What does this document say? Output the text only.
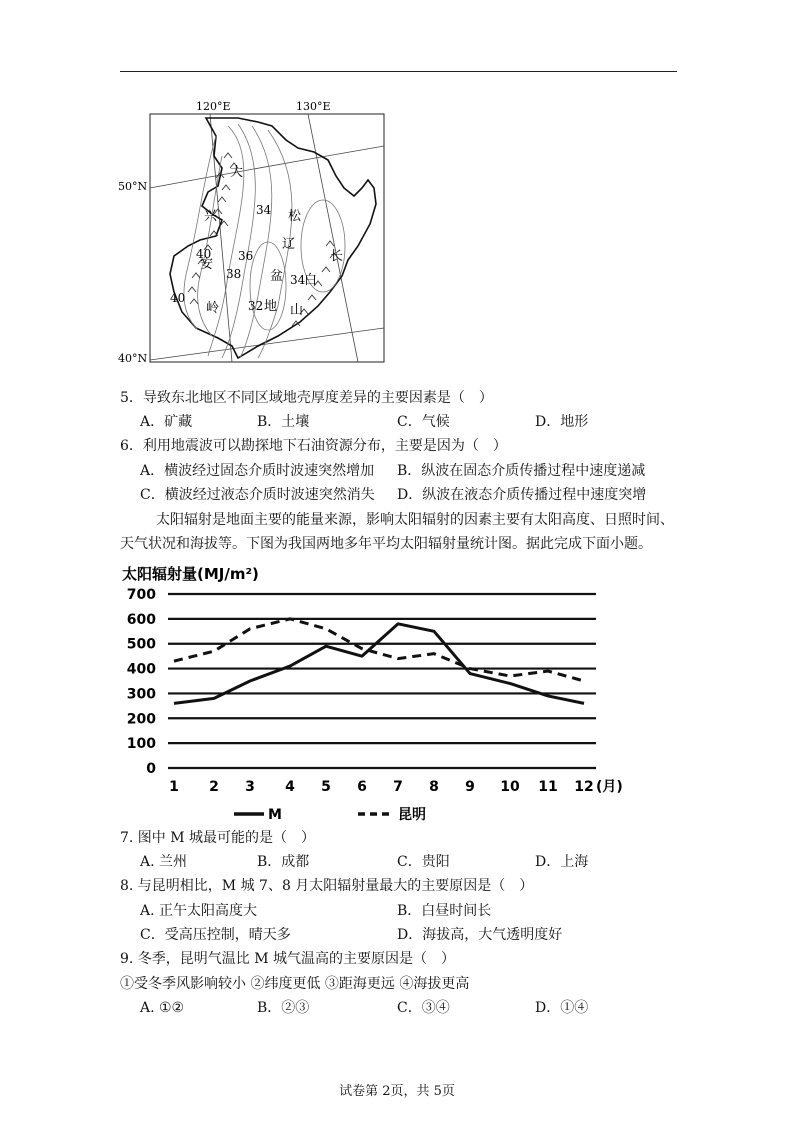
120°E	130°E
50°N
40°N
大
兴
安
岭
松
辽
盆
地
长
白
山
34
36
38
40
40
32
34
5．导致东北地区不同区域地壳厚度差异的主要因素是（　）
A．矿藏	B．土壤	C．气候	D．地形
6．利用地震波可以勘探地下石油资源分布，主要是因为（　）
A．横波经过固态介质时波速突然增加 B．纵波在固态介质传播过程中速度递减
C．横波经过液态介质时波速突然消失 D．纵波在液态介质传播过程中速度突增
太阳辐射是地面主要的能量来源，影响太阳辐射的因素主要有太阳高度、日照时间、
天气状况和海拔等。下图为我国两地多年平均太阳辐射量统计图。据此完成下面小题。
太阳辐射量(MJ/m²)
0
100
200
300
400
500
600
700
1 2 3 4 5 6 7 8 9 10 11 12 (月)
M	昆明
7. 图中 M 城最可能的是（　）
A. 兰州	B．成都	C．贵阳	D．上海
8. 与昆明相比，M 城 7、8 月太阳辐射量最大的主要原因是（　）
A. 正午太阳高度大	B．白昼时间长
C．受高压控制，晴天多	D．海拔高，大气透明度好
9. 冬季，昆明气温比 M 城气温高的主要原因是（　）
①受冬季风影响较小 ②纬度更低 ③距海更远 ④海拔更高
A. ①②	B．②③	C．③④	D．①④
试卷第 2页，共 5页
